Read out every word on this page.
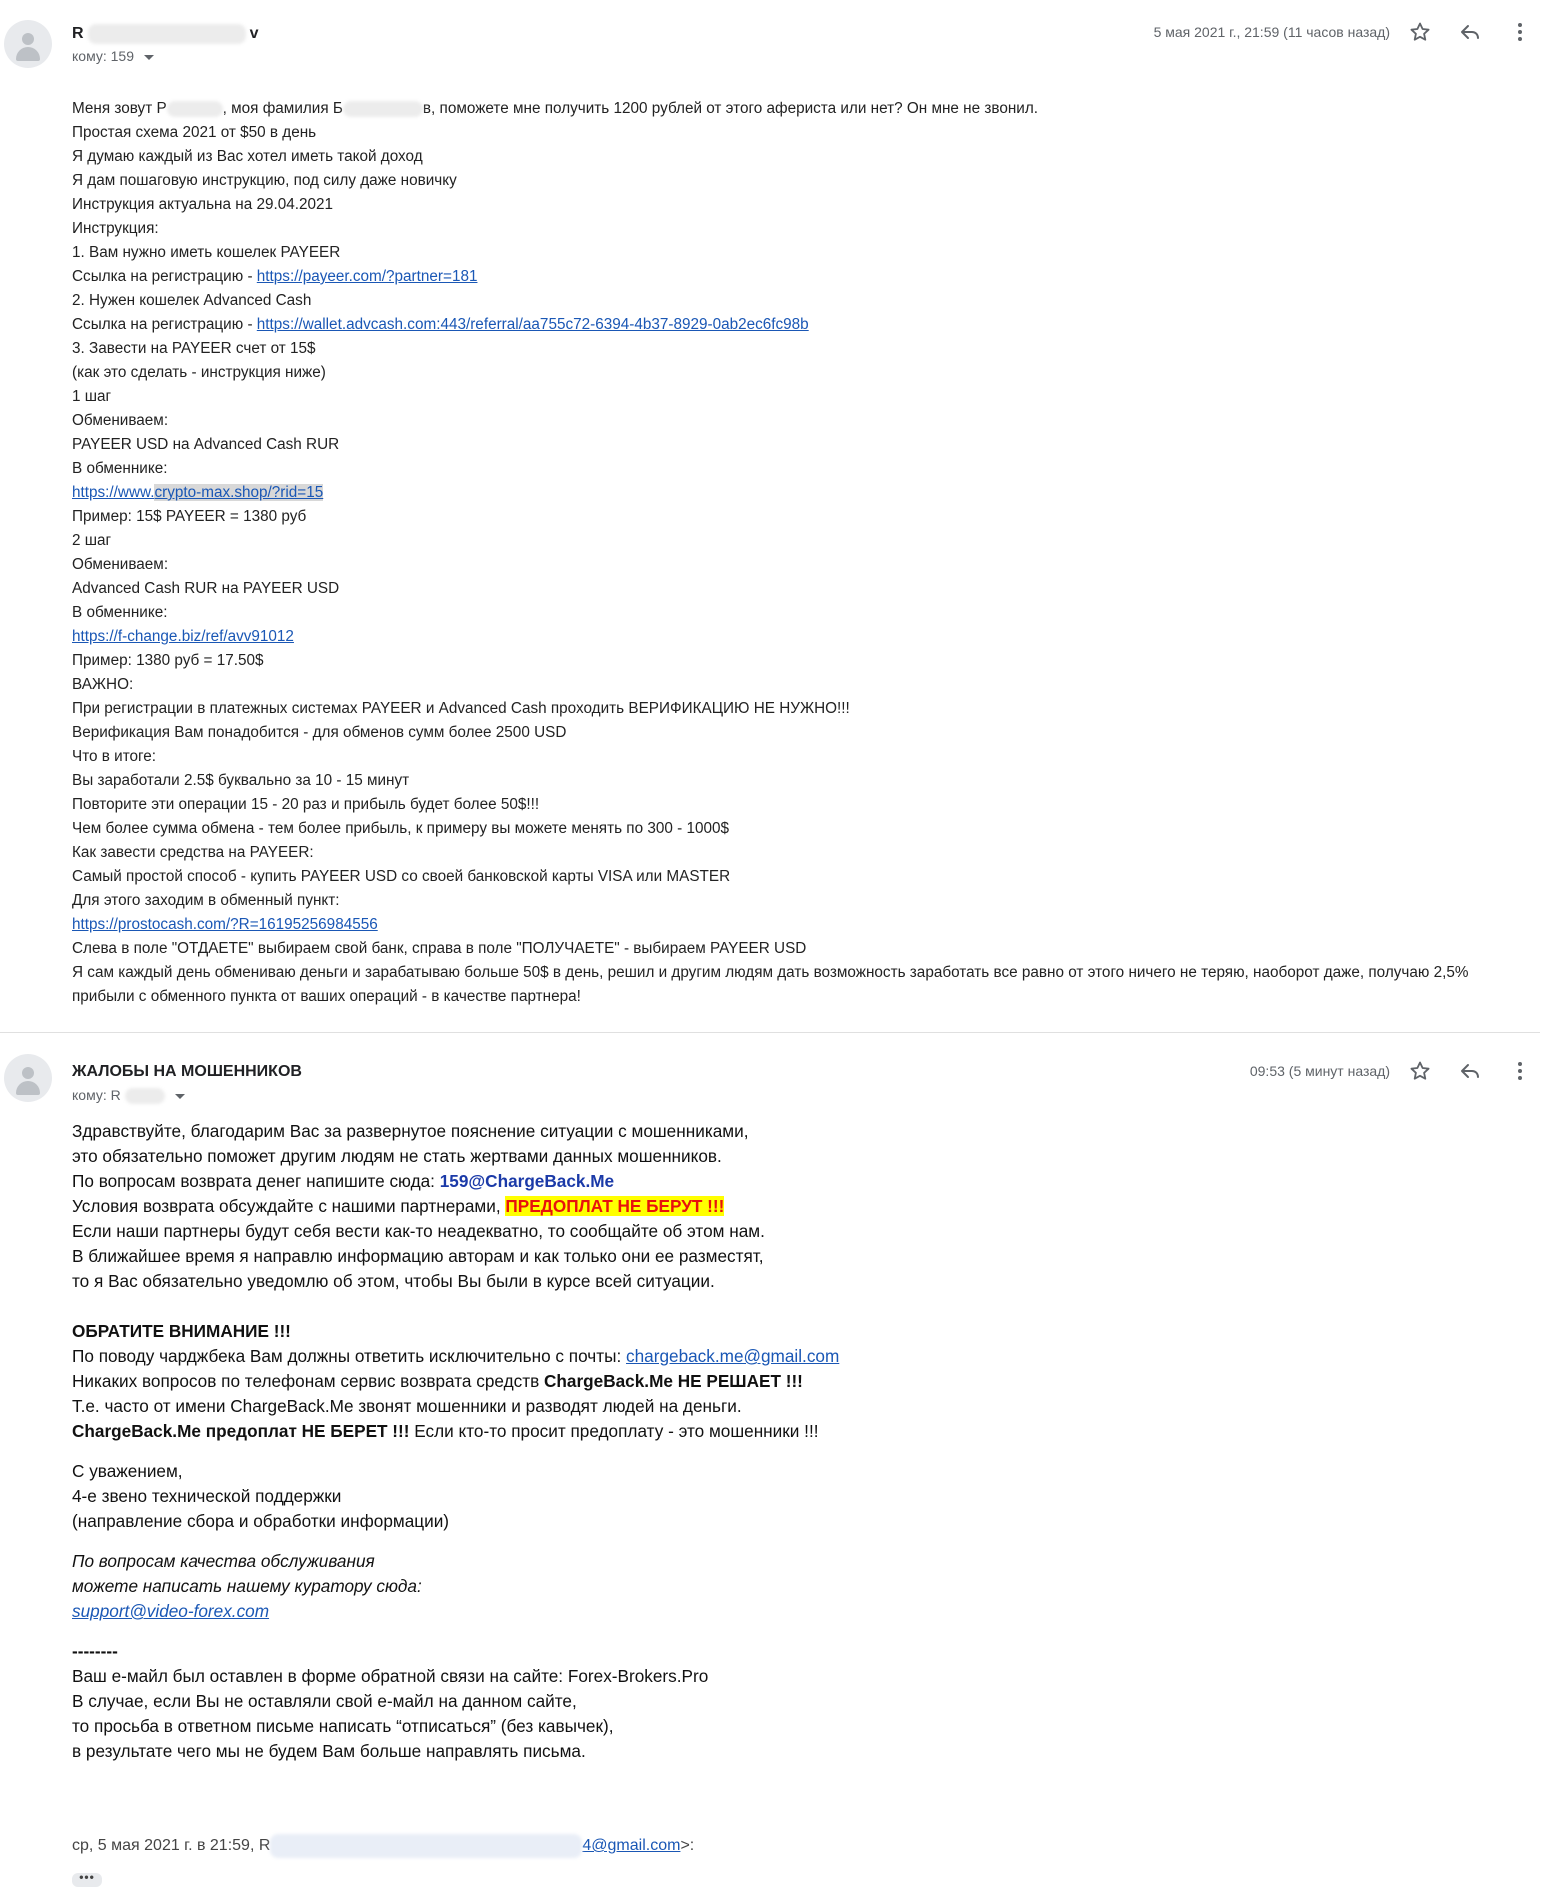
R	v
кому: 159
5 мая 2021 г., 21:59 (11 часов назад)

Меня зовут Р	, моя фамилия Б	в, поможете мне получить 1200 рублей от этого афериста или нет? Он мне не звонил.

Простая схема 2021 от $50 в день

Я думаю каждый из Вас хотел иметь такой доход

Я дам пошаговую инструкцию, под силу даже новичку

Инструкция актуальна на 29.04.2021

Инструкция:

1. Вам нужно иметь кошелек PAYEER

Ссылка на регистрацию - https://payeer.com/?partner=181

2. Нужен кошелек Advanced Cash

Ссылка на регистрацию - https://wallet.advcash.com:443/referral/aa755c72-6394-4b37-8929-0ab2ec6fc98b

3. Завести на PAYEER счет от 15$

(как это сделать - инструкция ниже)

1 шаг

Обмениваем:

PAYEER USD на Advanced Cash RUR

В обменнике:

https://www.crypto-max.shop/?rid=15

Пример: 15$ PAYEER = 1380 руб

2 шаг

Обмениваем:

Advanced Cash RUR на PAYEER USD

В обменнике:

https://f-change.biz/ref/avv91012

Пример: 1380 руб = 17.50$

ВАЖНО:

При регистрации в платежных системах PAYEER и Advanced Cash проходить ВЕРИФИКАЦИЮ НЕ НУЖНО!!!

Верификация Вам понадобится - для обменов сумм более 2500 USD

Что в итоге:

Вы заработали 2.5$ буквально за 10 - 15 минут

Повторите эти операции 15 - 20 раз и прибыль будет более 50$!!!

Чем более сумма обмена - тем более прибыль, к примеру вы можете менять по 300 - 1000$

Как завести средства на PAYEER:

Самый простой способ - купить PAYEER USD со своей банковской карты VISA или MASTER

Для этого заходим в обменный пункт:

https://prostocash.com/?R=16195256984556

Слева в поле "ОТДАЕТЕ" выбираем свой банк, справа в поле "ПОЛУЧАЕТЕ" - выбираем PAYEER USD

Я сам каждый день обмениваю деньги и зарабатываю больше 50$ в день, решил и другим людям дать возможность заработать все равно от этого ничего не теряю, наоборот даже, получаю 2,5% прибыли с обменного пункта от ваших операций - в качестве партнера!

ЖАЛОБЫ НА МОШЕННИКОВ
кому: R
09:53 (5 минут назад)

Здравствуйте, благодарим Вас за развернутое пояснение ситуации с мошенниками,

это обязательно поможет другим людям не стать жертвами данных мошенников.

По вопросам возврата денег напишите сюда: 159@ChargeBack.Me

Условия возврата обсуждайте с нашими партнерами, ПРЕДОПЛАТ НЕ БЕРУТ !!!

Если наши партнеры будут себя вести как-то неадекватно, то сообщайте об этом нам.

В ближайшее время я направлю информацию авторам и как только они ее разместят,

то я Вас обязательно уведомлю об этом, чтобы Вы были в курсе всей ситуации.

ОБРАТИТЕ ВНИМАНИЕ !!!

По поводу чарджбека Вам должны ответить исключительно с почты: chargeback.me@gmail.com

Никаких вопросов по телефонам сервис возврата средств ChargeBack.Me НЕ РЕШАЕТ !!!

Т.е. часто от имени ChargeBack.Me звонят мошенники и разводят людей на деньги.

ChargeBack.Me предоплат НЕ БЕРЕТ !!! Если кто-то просит предоплату - это мошенники !!!

С уважением,

4-е звено технической поддержки

(направление сбора и обработки информации)

По вопросам качества обслуживания

можете написать нашему куратору сюда:

support@video-forex.com

--------

Ваш е-майл был оставлен в форме обратной связи на сайте: Forex-Brokers.Pro

В случае, если Вы не оставляли свой е-майл на данном сайте,

то просьба в ответном письме написать “отписаться” (без кавычек),

в результате чего мы не будем Вам больше направлять письма.

ср, 5 мая 2021 г. в 21:59, R	4@gmail.com>:
•••
